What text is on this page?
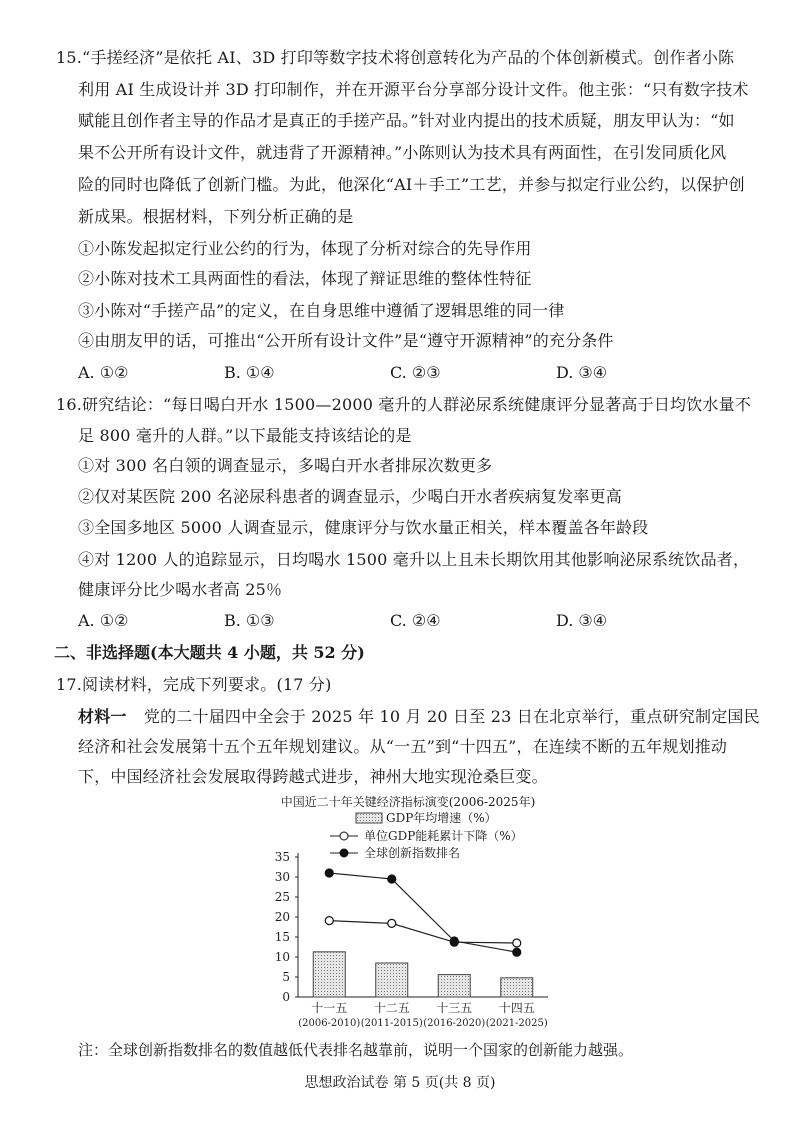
15.“手搓经济”是依托 AI、3D 打印等数字技术将创意转化为产品的个体创新模式。创作者小陈
利用 AI 生成设计并 3D 打印制作，并在开源平台分享部分设计文件。他主张：“只有数字技术
赋能且创作者主导的作品才是真正的手搓产品。”针对业内提出的技术质疑，朋友甲认为：“如
果不公开所有设计文件，就违背了开源精神。”小陈则认为技术具有两面性，在引发同质化风
险的同时也降低了创新门槛。为此，他深化“AI＋手工”工艺，并参与拟定行业公约，以保护创
新成果。根据材料，下列分析正确的是
①小陈发起拟定行业公约的行为，体现了分析对综合的先导作用
②小陈对技术工具两面性的看法，体现了辩证思维的整体性特征
③小陈对“手搓产品”的定义，在自身思维中遵循了逻辑思维的同一律
④由朋友甲的话，可推出“公开所有设计文件”是“遵守开源精神”的充分条件
A. ①②	B. ①④	C. ②③	D. ③④
16.研究结论：“每日喝白开水 1500—2000 毫升的人群泌尿系统健康评分显著高于日均饮水量不
足 800 毫升的人群。”以下最能支持该结论的是
①对 300 名白领的调查显示，多喝白开水者排尿次数更多
②仅对某医院 200 名泌尿科患者的调查显示，少喝白开水者疾病复发率更高
③全国多地区 5000 人调查显示，健康评分与饮水量正相关，样本覆盖各年龄段
④对 1200 人的追踪显示，日均喝水 1500 毫升以上且未长期饮用其他影响泌尿系统饮品者，
健康评分比少喝水者高 25％
A. ①②	B. ①③	C. ②④	D. ③④
二、非选择题(本大题共 4 小题，共 52 分)
17.阅读材料，完成下列要求。(17 分)
材料一 党的二十届四中全会于 2025 年 10 月 20 日至 23 日在北京举行，重点研究制定国民
经济和社会发展第十五个五年规划建议。从“一五”到“十四五”，在连续不断的五年规划推动
下，中国经济社会发展取得跨越式进步，神州大地实现沧桑巨变。
中国近二十年关键经济指标演变(2006-2025年)
GDP年均增速（%）
单位GDP能耗累计下降（%）
全球创新指数排名
0
5
10
15
20
25
30
35
十一五
(2006-2010)
十二五
(2011-2015)
十三五
(2016-2020)
十四五
(2021-2025)
注：全球创新指数排名的数值越低代表排名越靠前，说明一个国家的创新能力越强。
思想政治试卷 第 5 页(共 8 页)
